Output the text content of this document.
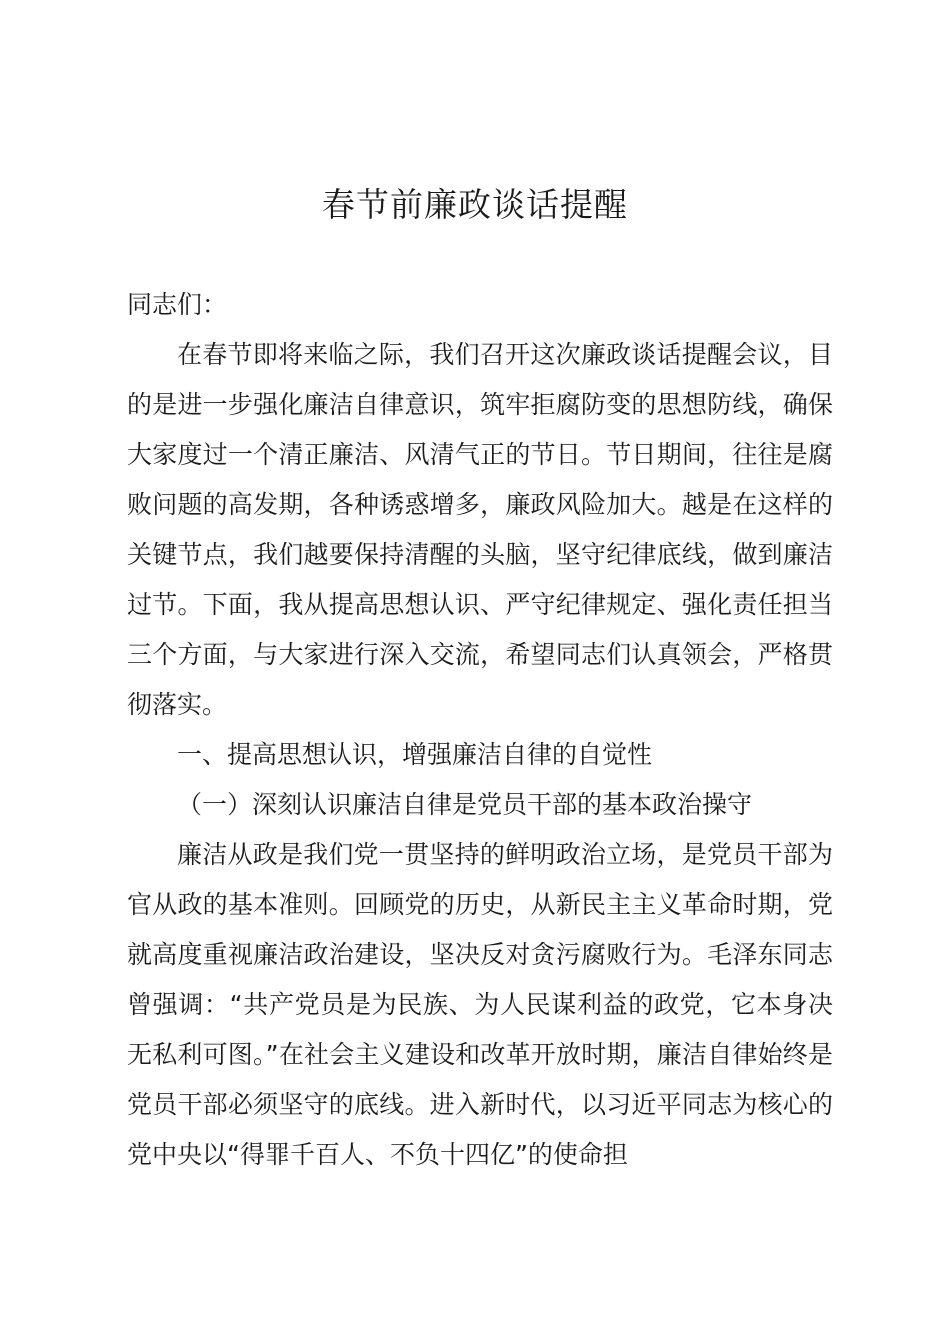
春节前廉政谈话提醒

同志们：

在春节即将来临之际，我们召开这次廉政谈话提醒会议，目的是进一步强化廉洁自律意识，筑牢拒腐防变的思想防线，确保大家度过一个清正廉洁、风清气正的节日。节日期间，往往是腐败问题的高发期，各种诱惑增多，廉政风险加大。越是在这样的关键节点，我们越要保持清醒的头脑，坚守纪律底线，做到廉洁过节。下面，我从提高思想认识、严守纪律规定、强化责任担当三个方面，与大家进行深入交流，希望同志们认真领会，严格贯彻落实。

一、提高思想认识，增强廉洁自律的自觉性

（一）深刻认识廉洁自律是党员干部的基本政治操守

廉洁从政是我们党一贯坚持的鲜明政治立场，是党员干部为官从政的基本准则。回顾党的历史，从新民主主义革命时期，党就高度重视廉洁政治建设，坚决反对贪污腐败行为。毛泽东同志曾强调：“共产党员是为民族、为人民谋利益的政党，它本身决无私利可图。”在社会主义建设和改革开放时期，廉洁自律始终是党员干部必须坚守的底线。进入新时代，以习近平同志为核心的党中央以“得罪千百人、不负十四亿”的使命担
